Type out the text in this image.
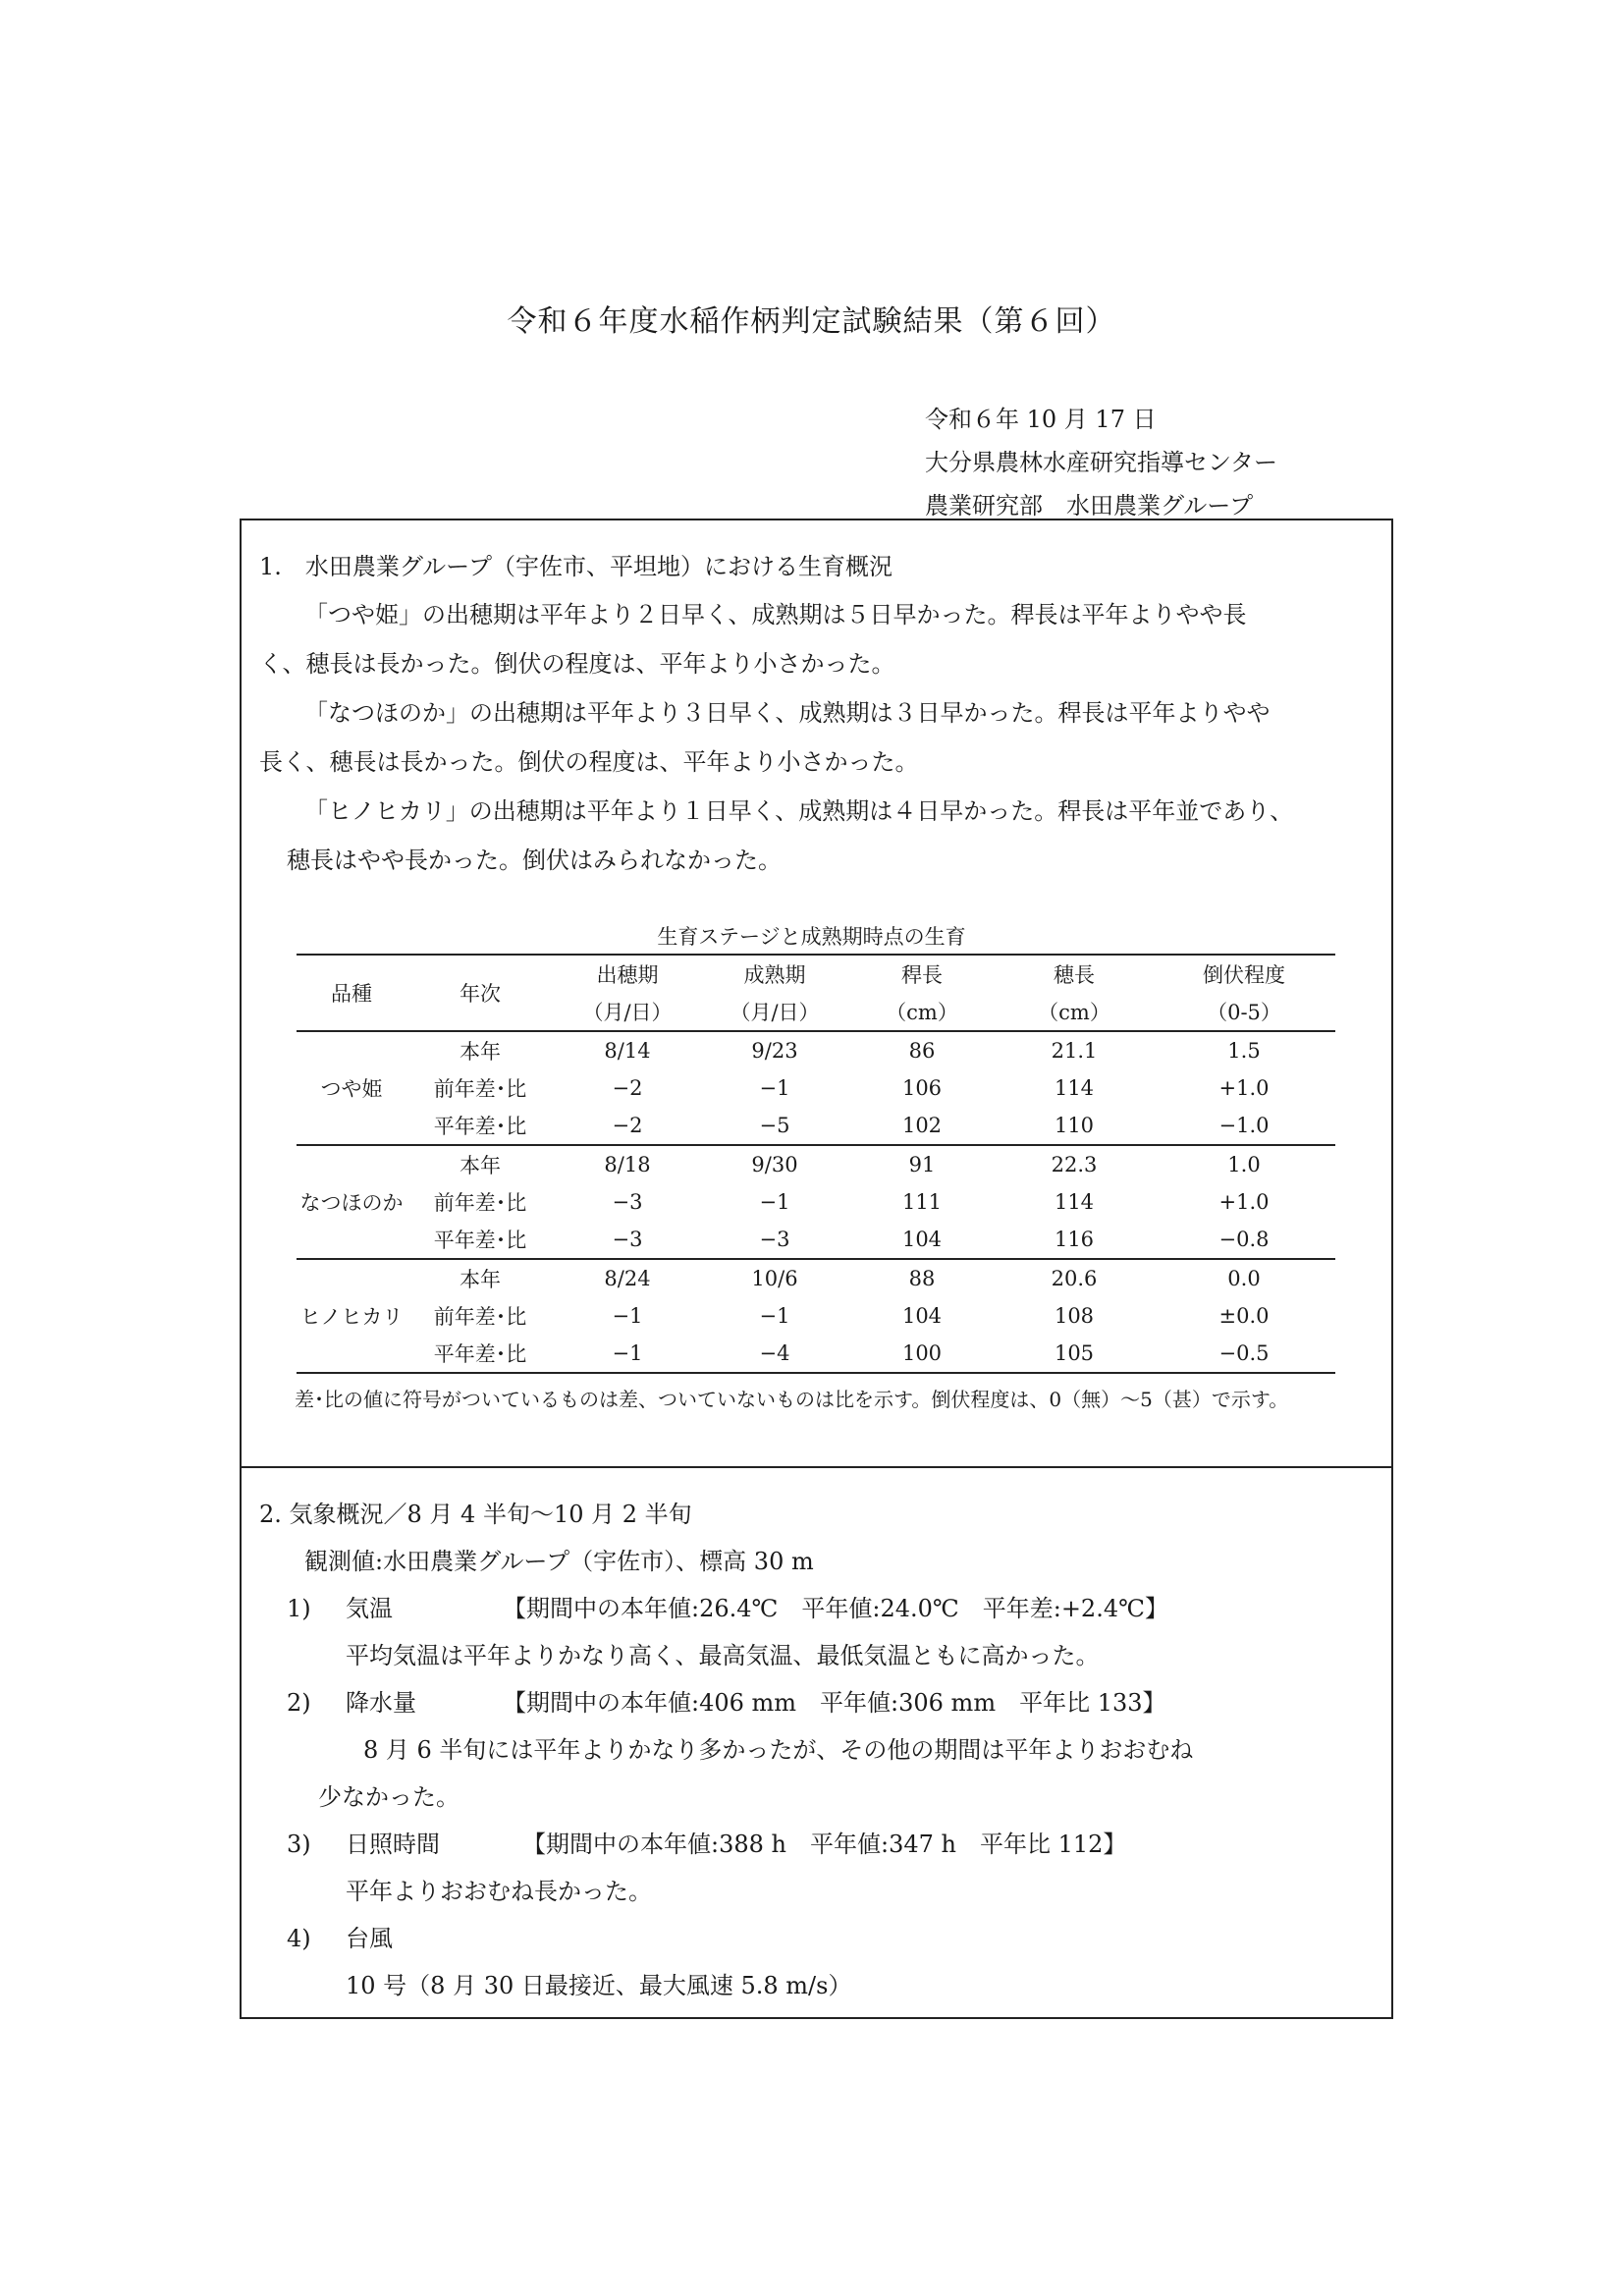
令和６年度水稲作柄判定試験結果（第６回）
令和６年 10 月 17 日
大分県農林水産研究指導センター
農業研究部　水田農業グループ
1.　水田農業グループ（宇佐市、平坦地）における生育概況

「つや姫」の出穂期は平年より２日早く、成熟期は５日早かった。稈長は平年よりやや長

く、穂長は長かった。倒伏の程度は、平年より小さかった。

「なつほのか」の出穂期は平年より３日早く、成熟期は３日早かった。稈長は平年よりやや

長く、穂長は長かった。倒伏の程度は、平年より小さかった。

「ヒノヒカリ」の出穂期は平年より１日早く、成熟期は４日早かった。稈長は平年並であり、

穂長はやや長かった。倒伏はみられなかった。

生育ステージと成熟期時点の生育
品種	年次	出穂期	成熟期	稈長	穂長	倒伏程度
		（月/日）	（月/日）	（cm）	（cm）	（0-5）
つや姫	本年	8/14	9/23	86	21.1	1.5
	前年差･比	−2	−1	106	114	+1.0
	平年差･比	−2	−5	102	110	−1.0
なつほのか	本年	8/18	9/30	91	22.3	1.0
	前年差･比	−3	−1	111	114	+1.0
	平年差･比	−3	−3	104	116	−0.8
ヒノヒカリ	本年	8/24	10/6	88	20.6	0.0
	前年差･比	−1	−1	104	108	±0.0
	平年差･比	−1	−4	100	105	−0.5
差･比の値に符号がついているものは差、ついていないものは比を示す。倒伏程度は、0（無）～5（甚）で示す。
2. 気象概況／8 月 4 半旬～10 月 2 半旬
観測値:水田農業グループ（宇佐市）、標高 30 m
1) 気温	【期間中の本年値:26.4℃　平年値:24.0℃　平年差:+2.4℃】
平均気温は平年よりかなり高く、最高気温、最低気温ともに高かった。
2) 降水量	【期間中の本年値:406 mm　平年値:306 mm　平年比 133】
8 月 6 半旬には平年よりかなり多かったが、その他の期間は平年よりおおむね
少なかった。
3) 日照時間	【期間中の本年値:388 h　平年値:347 h　平年比 112】
平年よりおおむね長かった。
4) 台風
10 号（8 月 30 日最接近、最大風速 5.8 m/s）
